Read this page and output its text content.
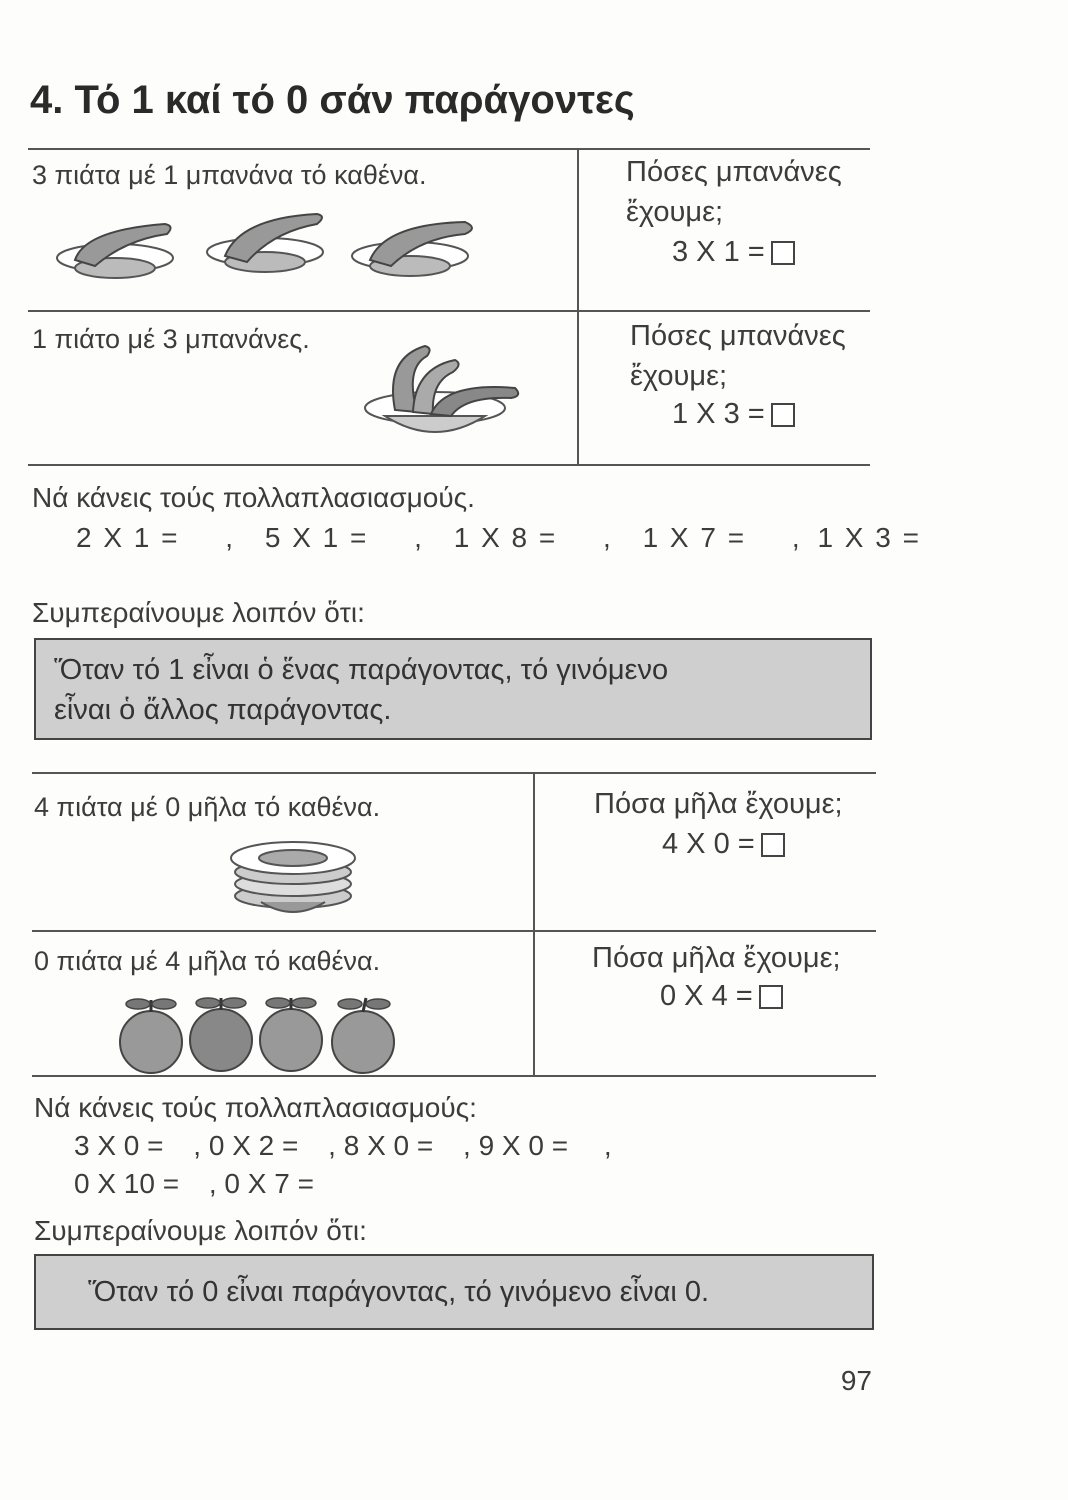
4. Τό 1 καί τό 0 σάν παράγοντες
3 πιάτα μέ 1 μπανάνα τό καθένα.	Πόσες μπανάνες
ἔχουμε;
3 X 1 =
1 πιάτο μέ 3 μπανάνες.	Πόσες μπανάνες
ἔχουμε;
1 X 3 =
Νά κάνεις τούς πολλαπλασιασμούς.
2 X 1 = , 5 X 1 = , 1 X 8 = , 1 X 7 = , 1 X 3 =
Συμπεραίνουμε λοιπόν ὅτι:
Ὅταν τό 1 εἶναι ὁ ἕνας παράγοντας, τό γινόμενο
εἶναι ὁ ἄλλος παράγοντας.
4 πιάτα μέ 0 μῆλα τό καθένα.	Πόσα μῆλα ἔχουμε;
4 X 0 =
0 πιάτα μέ 4 μῆλα τό καθένα.	Πόσα μῆλα ἔχουμε;
0 X 4 =
Νά κάνεις τούς πολλαπλασιασμούς:
3 X 0 = , 0 X 2 = , 8 X 0 = , 9 X 0 = ,
0 X 10 = , 0 X 7 =
Συμπεραίνουμε λοιπόν ὅτι:
Ὅταν τό 0 εἶναι παράγοντας, τό γινόμενο εἶναι 0.
97
